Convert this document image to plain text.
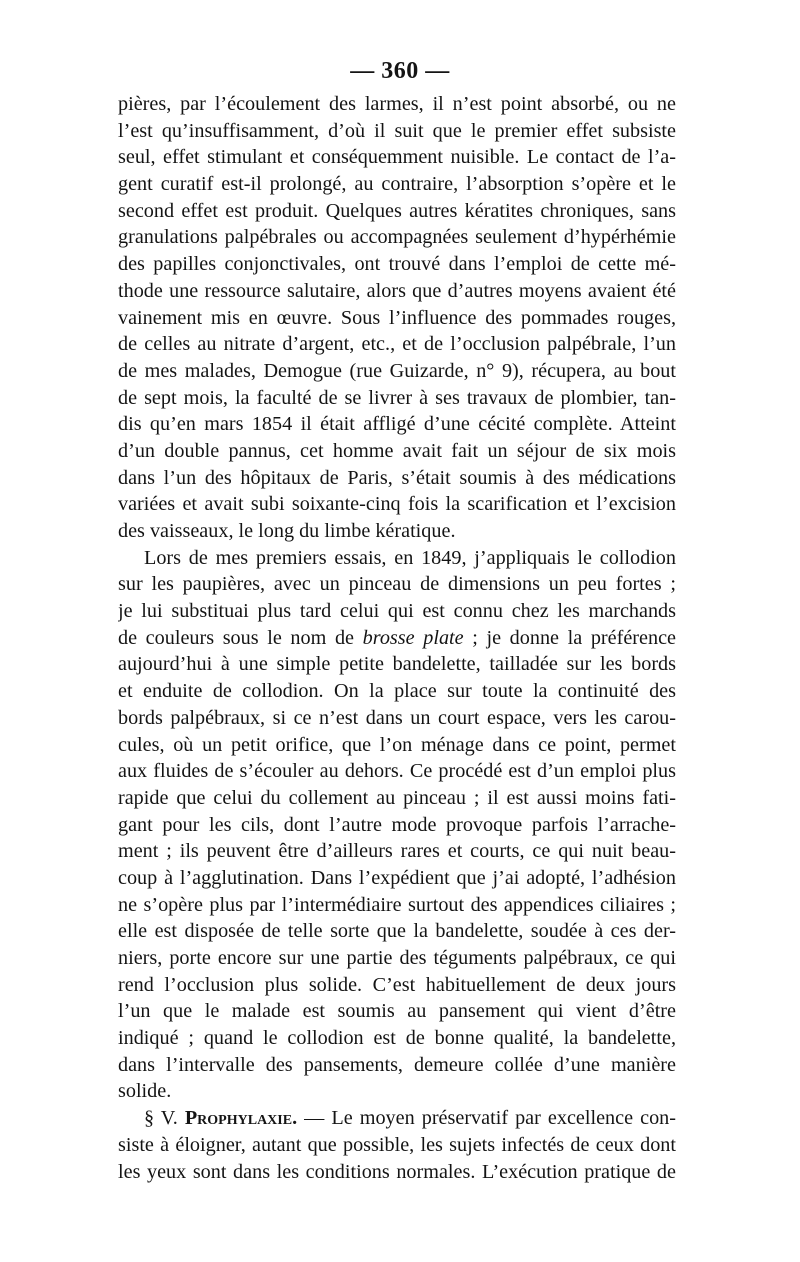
— 360 —
pières, par l’écoulement des larmes, il n’est point absorbé, ou ne
l’est qu’insuffisamment, d’où il suit que le premier effet subsiste
seul, effet stimulant et conséquemment nuisible. Le contact de l’a-
gent curatif est-il prolongé, au contraire, l’absorption s’opère et le
second effet est produit. Quelques autres kératites chroniques, sans
granulations palpébrales ou accompagnées seulement d’hypérhémie
des papilles conjonctivales, ont trouvé dans l’emploi de cette mé-
thode une ressource salutaire, alors que d’autres moyens avaient été
vainement mis en œuvre. Sous l’influence des pommades rouges,
de celles au nitrate d’argent, etc., et de l’occlusion palpébrale, l’un
de mes malades, Demogue (rue Guizarde, n° 9), récupera, au bout
de sept mois, la faculté de se livrer à ses travaux de plombier, tan-
dis qu’en mars 1854 il était affligé d’une cécité complète. Atteint
d’un double pannus, cet homme avait fait un séjour de six mois
dans l’un des hôpitaux de Paris, s’était soumis à des médications
variées et avait subi soixante-cinq fois la scarification et l’excision
des vaisseaux, le long du limbe kératique.
Lors de mes premiers essais, en 1849, j’appliquais le collodion
sur les paupières, avec un pinceau de dimensions un peu fortes ;
je lui substituai plus tard celui qui est connu chez les marchands
de couleurs sous le nom de brosse plate ; je donne la préférence
aujourd’hui à une simple petite bandelette, tailladée sur les bords
et enduite de collodion. On la place sur toute la continuité des
bords palpébraux, si ce n’est dans un court espace, vers les carou-
cules, où un petit orifice, que l’on ménage dans ce point, permet
aux fluides de s’écouler au dehors. Ce procédé est d’un emploi plus
rapide que celui du collement au pinceau ; il est aussi moins fati-
gant pour les cils, dont l’autre mode provoque parfois l’arrache-
ment ; ils peuvent être d’ailleurs rares et courts, ce qui nuit beau-
coup à l’agglutination. Dans l’expédient que j’ai adopté, l’adhésion
ne s’opère plus par l’intermédiaire surtout des appendices ciliaires ;
elle est disposée de telle sorte que la bandelette, soudée à ces der-
niers, porte encore sur une partie des téguments palpébraux, ce qui
rend l’occlusion plus solide. C’est habituellement de deux jours
l’un que le malade est soumis au pansement qui vient d’être
indiqué ; quand le collodion est de bonne qualité, la bandelette,
dans l’intervalle des pansements, demeure collée d’une manière
solide.
§ V. Prophylaxie. — Le moyen préservatif par excellence con-
siste à éloigner, autant que possible, les sujets infectés de ceux dont
les yeux sont dans les conditions normales. L’exécution pratique de
